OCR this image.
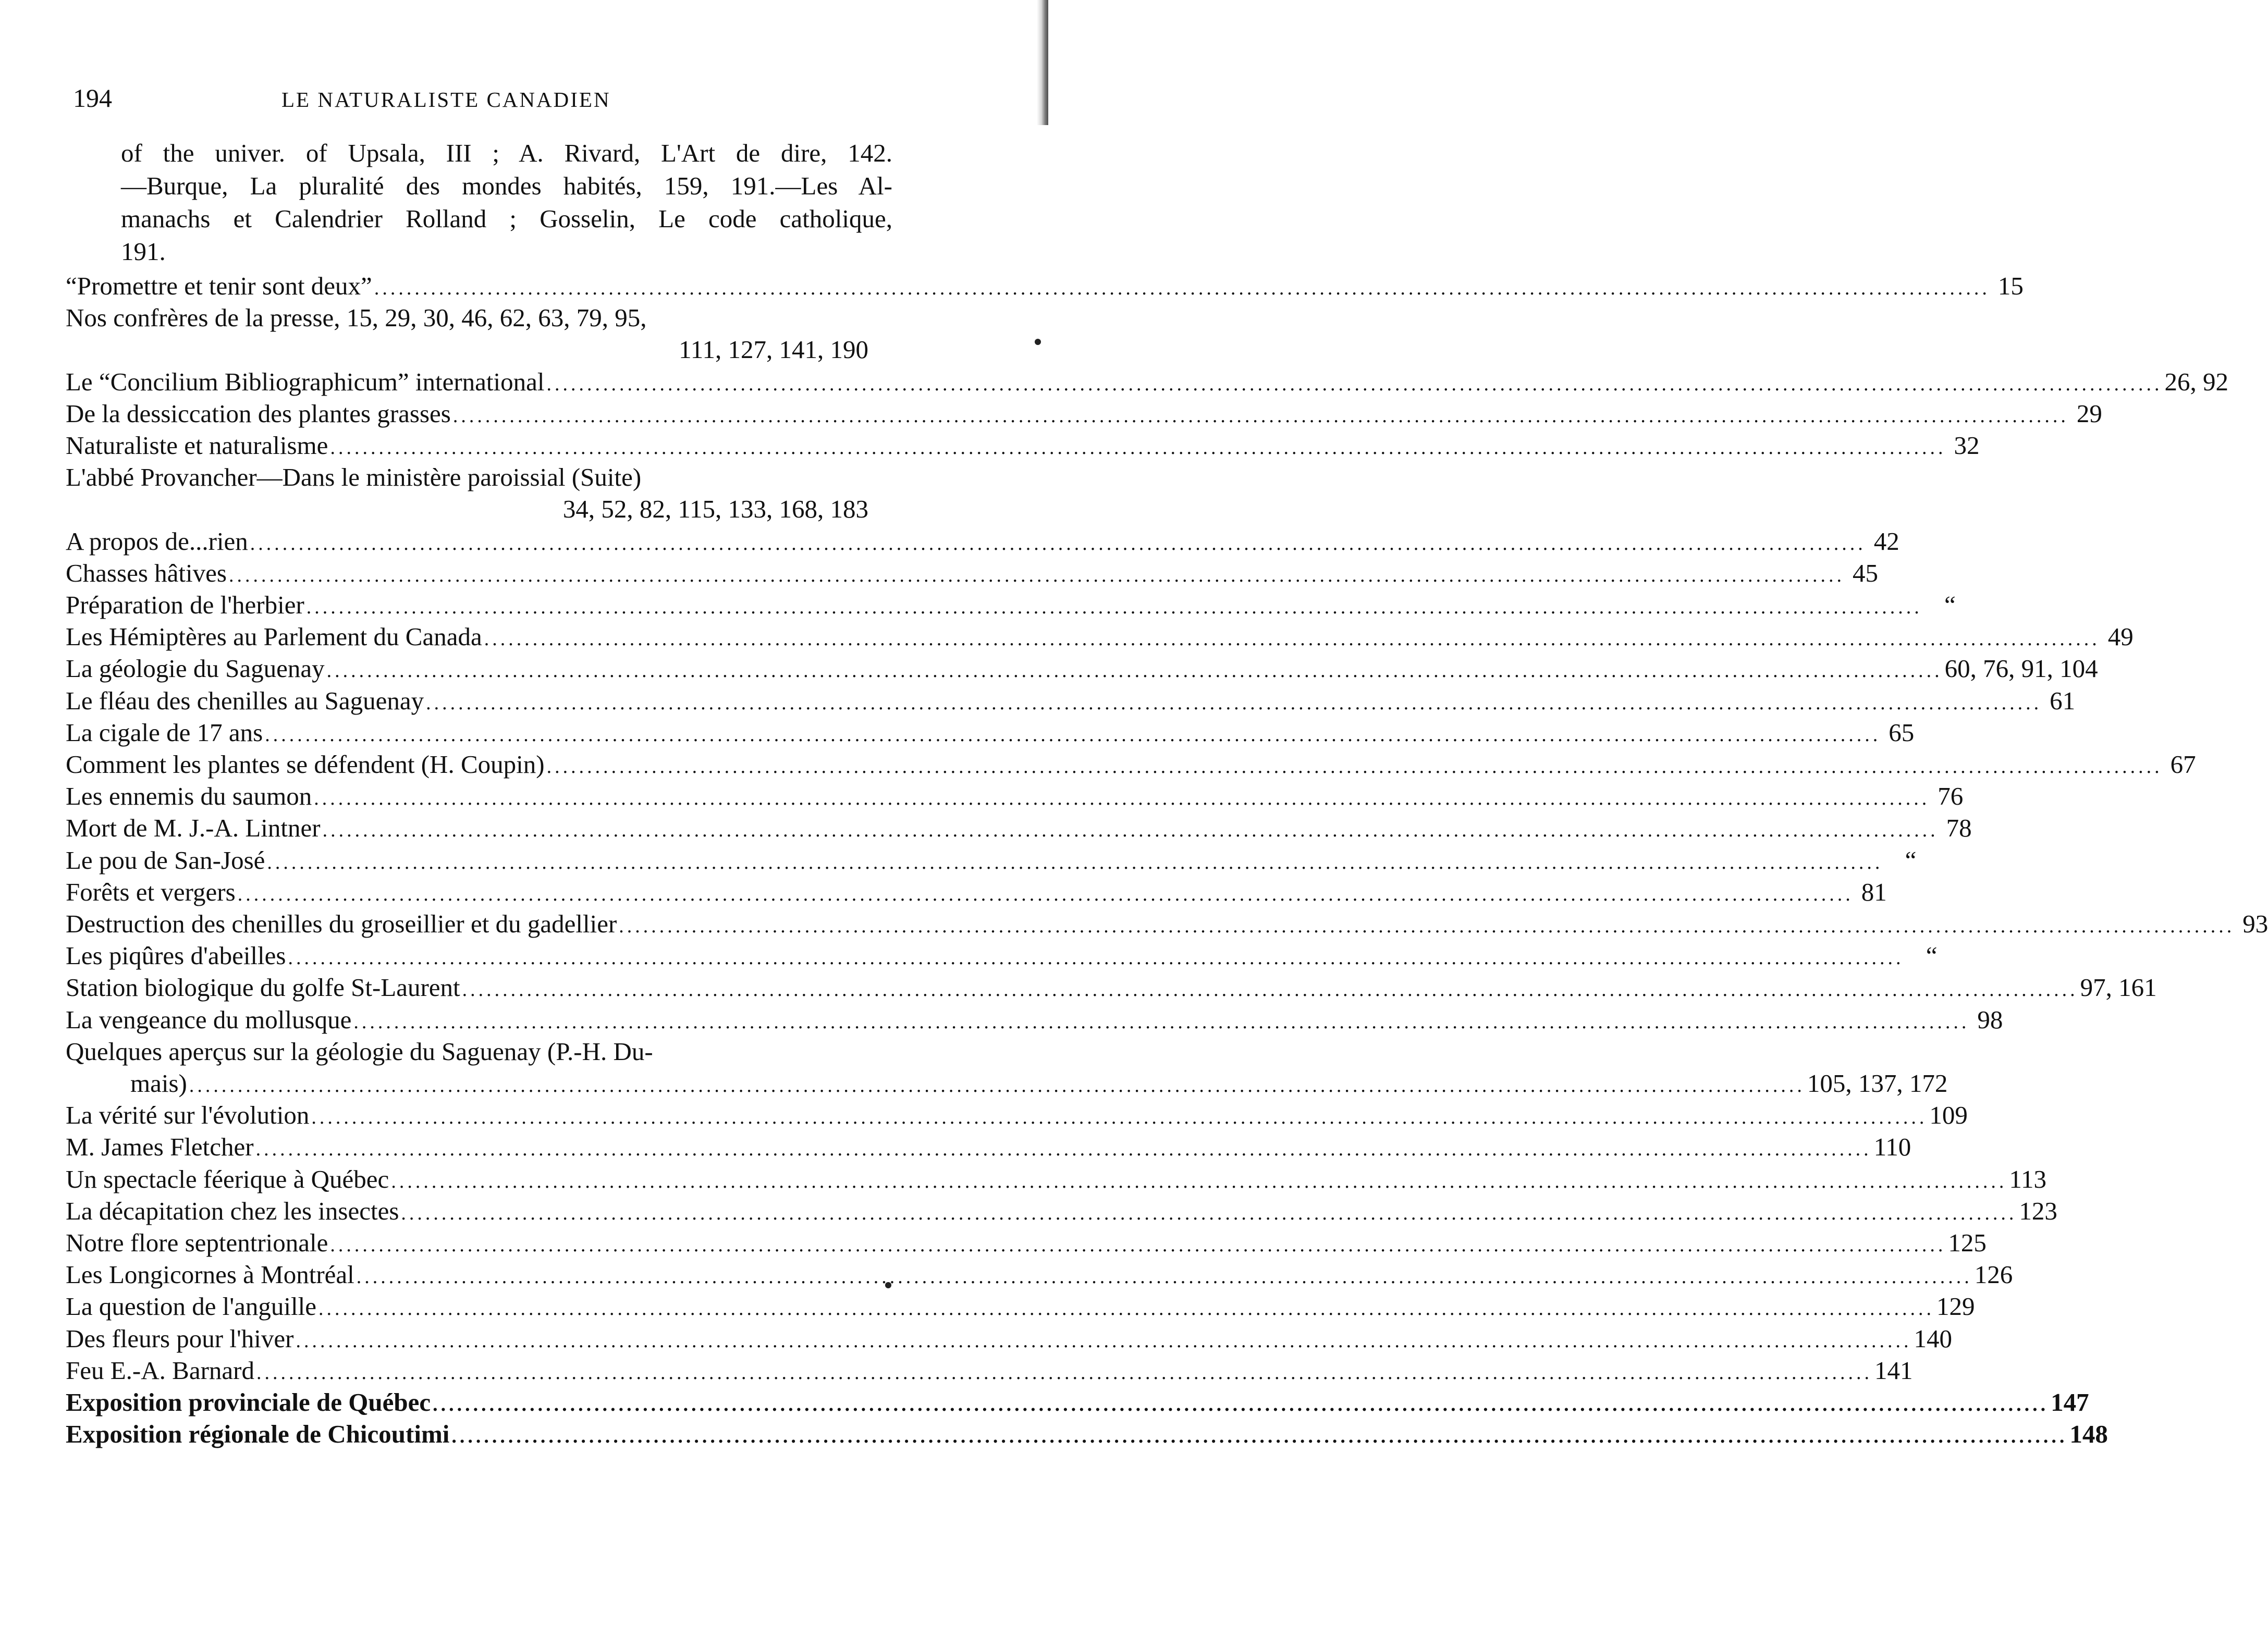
194	LE NATURALISTE CANADIEN
of the univer. of Upsala, III ; A. Rivard, L'Art de dire, 142.
—Burque, La pluralité des mondes habités, 159, 191.—Les Al-
manachs et Calendrier Rolland ; Gosselin, Le code catholique,
191.
“Promettre et tenir sont deux” ........................................................................................................................................................................................................ 15
Nos confrères de la presse, 15, 29, 30, 46, 62, 63, 79, 95,
111, 127, 141, 190
Le “Concilium Bibliographicum” international ........................................................................................................................................................................................................ 26, 92
De la dessiccation des plantes grasses ........................................................................................................................................................................................................ 29
Naturaliste et naturalisme ........................................................................................................................................................................................................ 32
L'abbé Provancher—Dans le ministère paroissial (Suite)
34, 52, 82, 115, 133, 168, 183
A propos de...rien ........................................................................................................................................................................................................ 42
Chasses hâtives ........................................................................................................................................................................................................ 45
Préparation de l'herbier ........................................................................................................................................................................................................ “
Les Hémiptères au Parlement du Canada ........................................................................................................................................................................................................ 49
La géologie du Saguenay ........................................................................................................................................................................................................ 60, 76, 91, 104
Le fléau des chenilles au Saguenay ........................................................................................................................................................................................................ 61
La cigale de 17 ans ........................................................................................................................................................................................................ 65
Comment les plantes se défendent (H. Coupin) ........................................................................................................................................................................................................ 67
Les ennemis du saumon ........................................................................................................................................................................................................ 76
Mort de M. J.-A. Lintner ........................................................................................................................................................................................................ 78
Le pou de San-José ........................................................................................................................................................................................................ “
Forêts et vergers ........................................................................................................................................................................................................ 81
Destruction des chenilles du groseillier et du gadellier ........................................................................................................................................................................................................ 93
Les piqûres d'abeilles ........................................................................................................................................................................................................ “
Station biologique du golfe St-Laurent ........................................................................................................................................................................................................ 97, 161
La vengeance du mollusque ........................................................................................................................................................................................................ 98
Quelques aperçus sur la géologie du Saguenay (P.-H. Du-
mais) ........................................................................................................................................................................................................ 105, 137, 172
La vérité sur l'évolution ........................................................................................................................................................................................................ 109
M. James Fletcher ........................................................................................................................................................................................................ 110
Un spectacle féerique à Québec ........................................................................................................................................................................................................ 113
La décapitation chez les insectes ........................................................................................................................................................................................................ 123
Notre flore septentrionale ........................................................................................................................................................................................................ 125
Les Longicornes à Montréal ........................................................................................................................................................................................................ 126
La question de l'anguille ........................................................................................................................................................................................................ 129
Des fleurs pour l'hiver ........................................................................................................................................................................................................ 140
Feu E.-A. Barnard ........................................................................................................................................................................................................ 141
Exposition provinciale de Québec ........................................................................................................................................................................................................ 147
Exposition régionale de Chicoutimi ........................................................................................................................................................................................................ 148
